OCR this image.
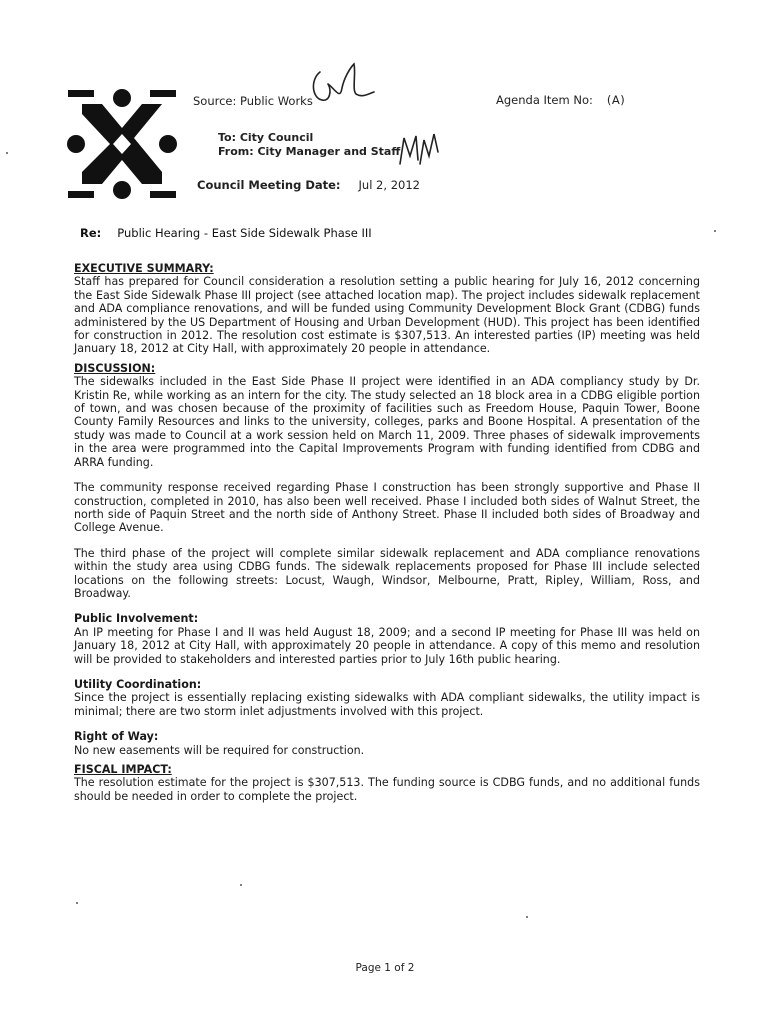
Source: Public Works	Agenda Item No: (A)
To: City Council
From: City Manager and Staff
Council Meeting Date: Jul 2, 2012
Re: Public Hearing - East Side Sidewalk Phase III
EXECUTIVE SUMMARY:

Staff has prepared for Council consideration a resolution setting a public hearing for July 16, 2012 concerning the East Side Sidewalk Phase III project (see attached location map). The project includes sidewalk replacement and ADA compliance renovations, and will be funded using Community Development Block Grant (CDBG) funds administered by the US Department of Housing and Urban Development (HUD). This project has been identified for construction in 2012. The resolution cost estimate is $307,513. An interested parties (IP) meeting was held January 18, 2012 at City Hall, with approximately 20 people in attendance.

DISCUSSION:

The sidewalks included in the East Side Phase II project were identified in an ADA compliancy study by Dr. Kristin Re, while working as an intern for the city. The study selected an 18 block area in a CDBG eligible portion of town, and was chosen because of the proximity of facilities such as Freedom House, Paquin Tower, Boone County Family Resources and links to the university, colleges, parks and Boone Hospital. A presentation of the study was made to Council at a work session held on March 11, 2009. Three phases of sidewalk improvements in the area were programmed into the Capital Improvements Program with funding identified from CDBG and ARRA funding.

The community response received regarding Phase I construction has been strongly supportive and Phase II construction, completed in 2010, has also been well received. Phase I included both sides of Walnut Street, the north side of Paquin Street and the north side of Anthony Street. Phase II included both sides of Broadway and College Avenue.

The third phase of the project will complete similar sidewalk replacement and ADA compliance renovations within the study area using CDBG funds. The sidewalk replacements proposed for Phase III include selected locations on the following streets: Locust, Waugh, Windsor, Melbourne, Pratt, Ripley, William, Ross, and Broadway.

Public Involvement:

An IP meeting for Phase I and II was held August 18, 2009; and a second IP meeting for Phase III was held on January 18, 2012 at City Hall, with approximately 20 people in attendance. A copy of this memo and resolution will be provided to stakeholders and interested parties prior to July 16th public hearing.

Utility Coordination:

Since the project is essentially replacing existing sidewalks with ADA compliant sidewalks, the utility impact is minimal; there are two storm inlet adjustments involved with this project.

Right of Way:

No new easements will be required for construction.

FISCAL IMPACT:

The resolution estimate for the project is $307,513. The funding source is CDBG funds, and no additional funds should be needed in order to complete the project.

Page 1 of 2
